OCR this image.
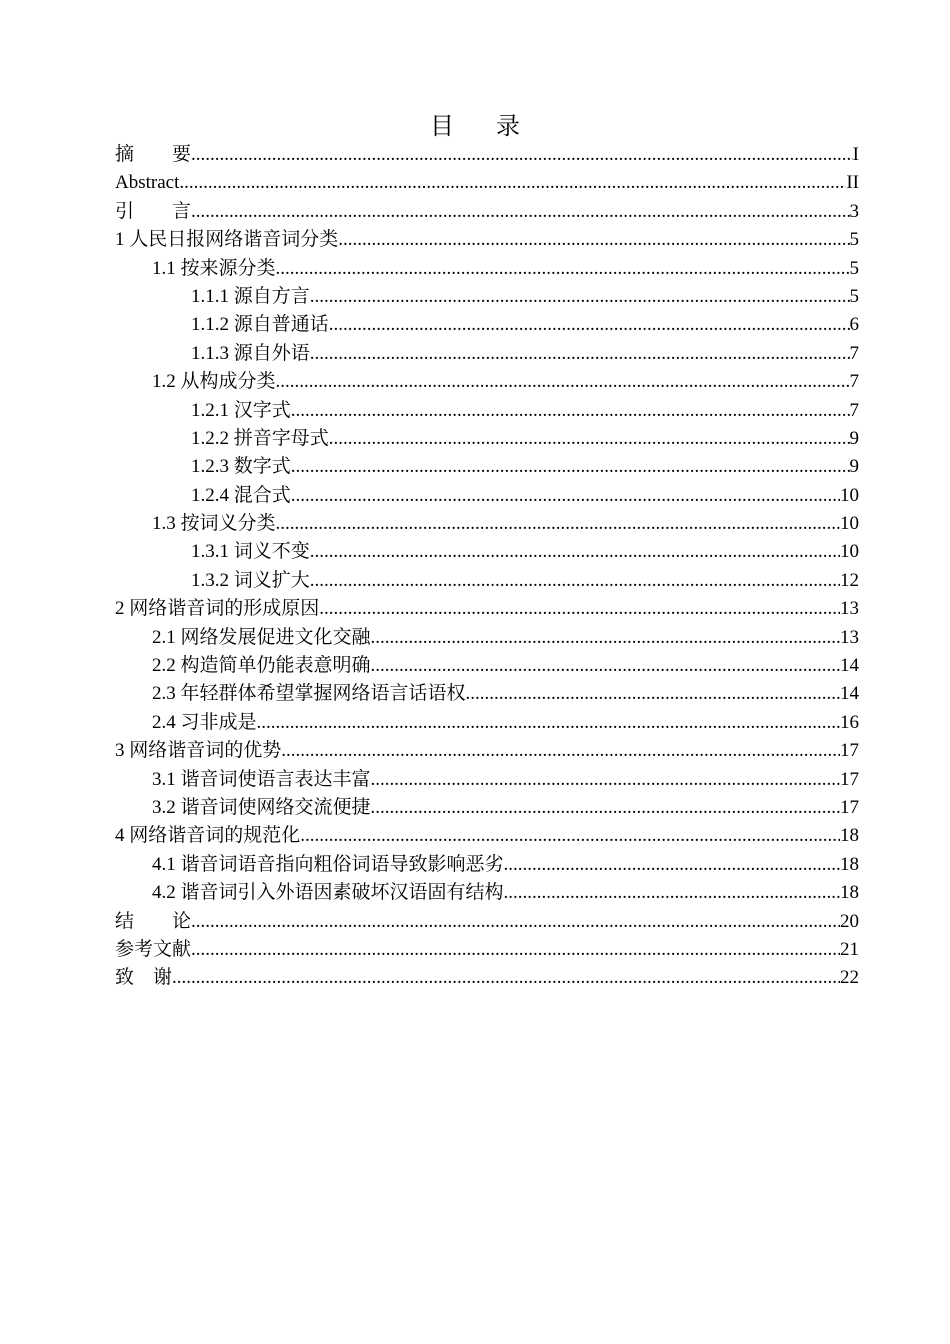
目 录
摘　　要 .....	I
Abstract .....	II
引　　言 .....	3
1 人民日报网络谐音词分类 .....	5
1.1 按来源分类 .....	5
1.1.1 源自方言 .....	5
1.1.2 源自普通话 .....	6
1.1.3 源自外语 .....	7
1.2 从构成分类 .....	7
1.2.1 汉字式 .....	7
1.2.2 拼音字母式 .....	9
1.2.3 数字式 .....	9
1.2.4 混合式 .....	10
1.3 按词义分类 .....	10
1.3.1 词义不变 .....	10
1.3.2 词义扩大 .....	12
2 网络谐音词的形成原因 .....	13
2.1 网络发展促进文化交融 .....	13
2.2 构造简单仍能表意明确 .....	14
2.3 年轻群体希望掌握网络语言话语权 .....	14
2.4 习非成是 .....	16
3 网络谐音词的优势 .....	17
3.1 谐音词使语言表达丰富 .....	17
3.2 谐音词使网络交流便捷 .....	17
4 网络谐音词的规范化 .....	18
4.1 谐音词语音指向粗俗词语导致影响恶劣 .....	18
4.2 谐音词引入外语因素破坏汉语固有结构 .....	18
结　　论 .....	20
参考文献 .....	21
致　谢 .....	22
